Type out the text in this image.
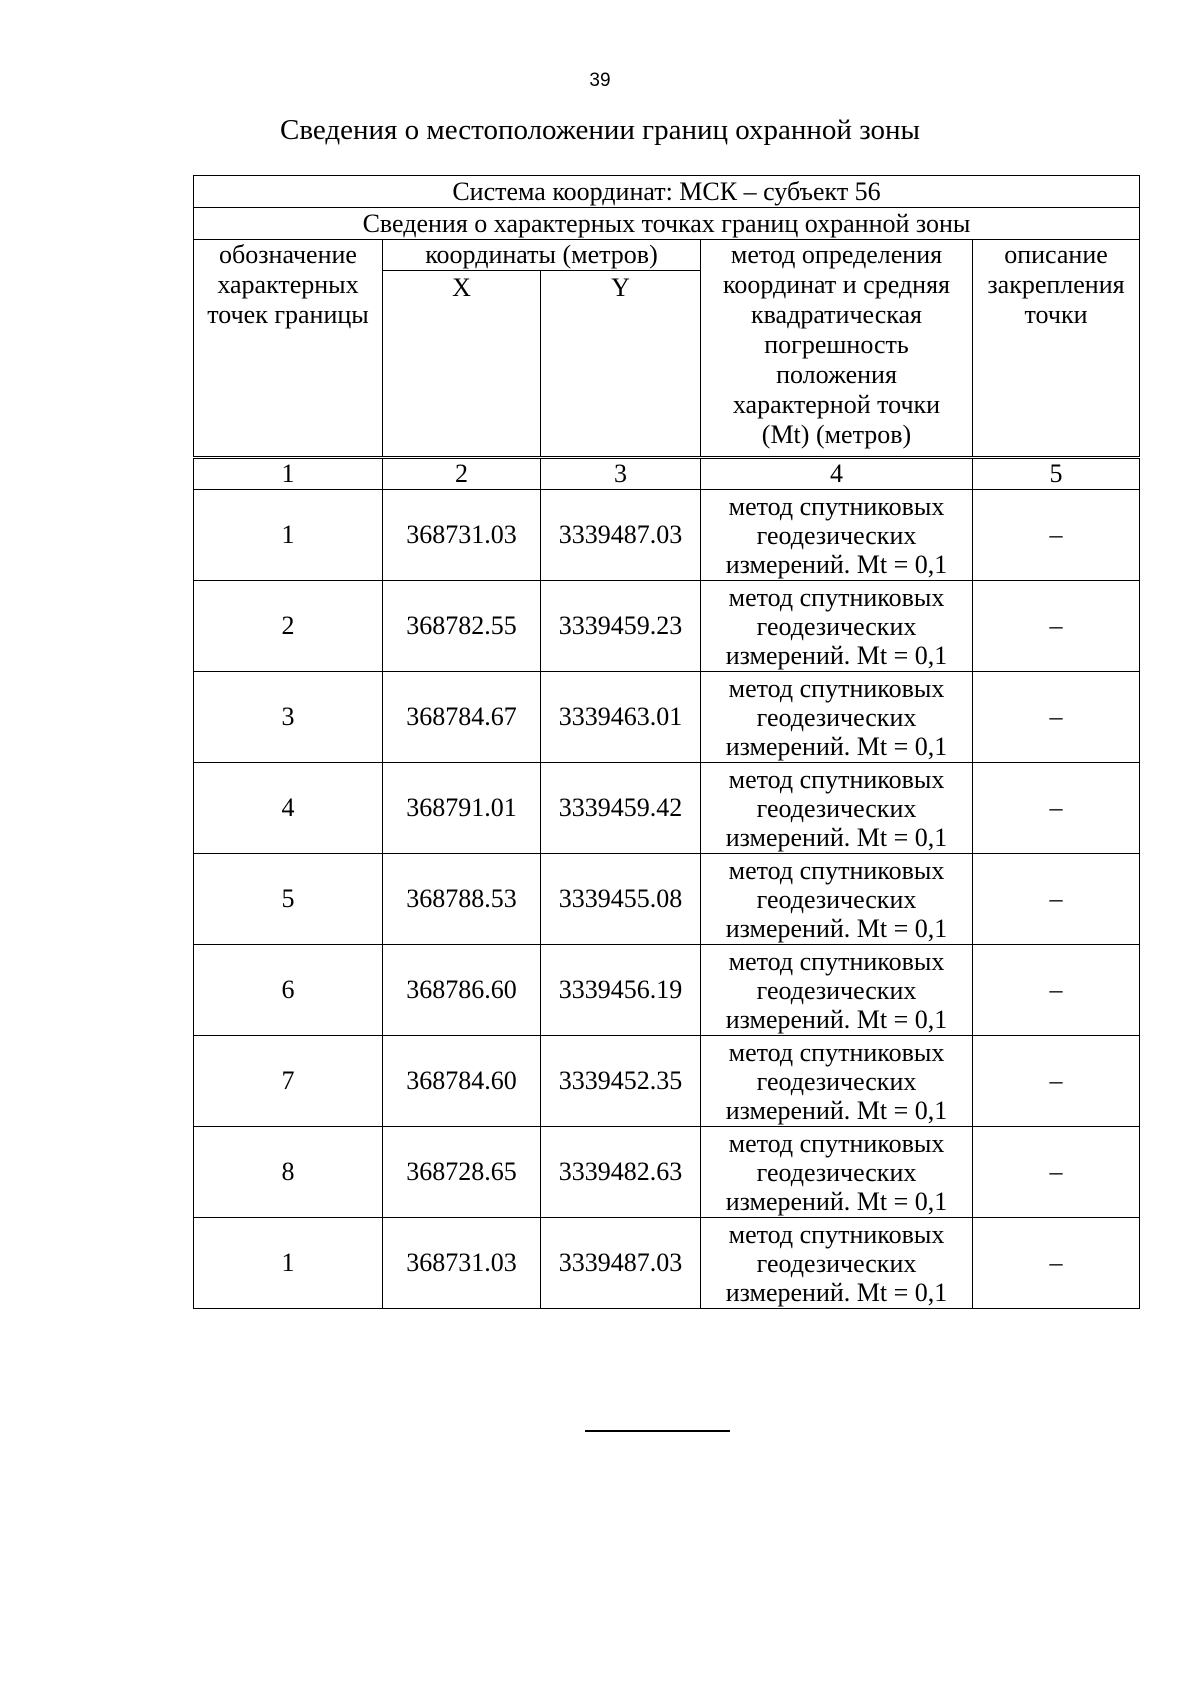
39
Сведения о местоположении границ охранной зоны
Система координат: МСК – субъект 56				
Сведения о характерных точках границ охранной зоны				
обозначение характерных точек границы	координаты (метров)		метод определения координат и средняя квадратическая погрешность положения характерной точки (Mt) (метров)	описание закрепления точки
	X	Y		
1	2	3	4	5
1	368731.03	3339487.03	метод спутниковых геодезических измерений. Mt = 0,1	–
2	368782.55	3339459.23	метод спутниковых геодезических измерений. Mt = 0,1	–
3	368784.67	3339463.01	метод спутниковых геодезических измерений. Mt = 0,1	–
4	368791.01	3339459.42	метод спутниковых геодезических измерений. Mt = 0,1	–
5	368788.53	3339455.08	метод спутниковых геодезических измерений. Mt = 0,1	–
6	368786.60	3339456.19	метод спутниковых геодезических измерений. Mt = 0,1	–
7	368784.60	3339452.35	метод спутниковых геодезических измерений. Mt = 0,1	–
8	368728.65	3339482.63	метод спутниковых геодезических измерений. Mt = 0,1	–
1	368731.03	3339487.03	метод спутниковых геодезических измерений. Mt = 0,1	–
